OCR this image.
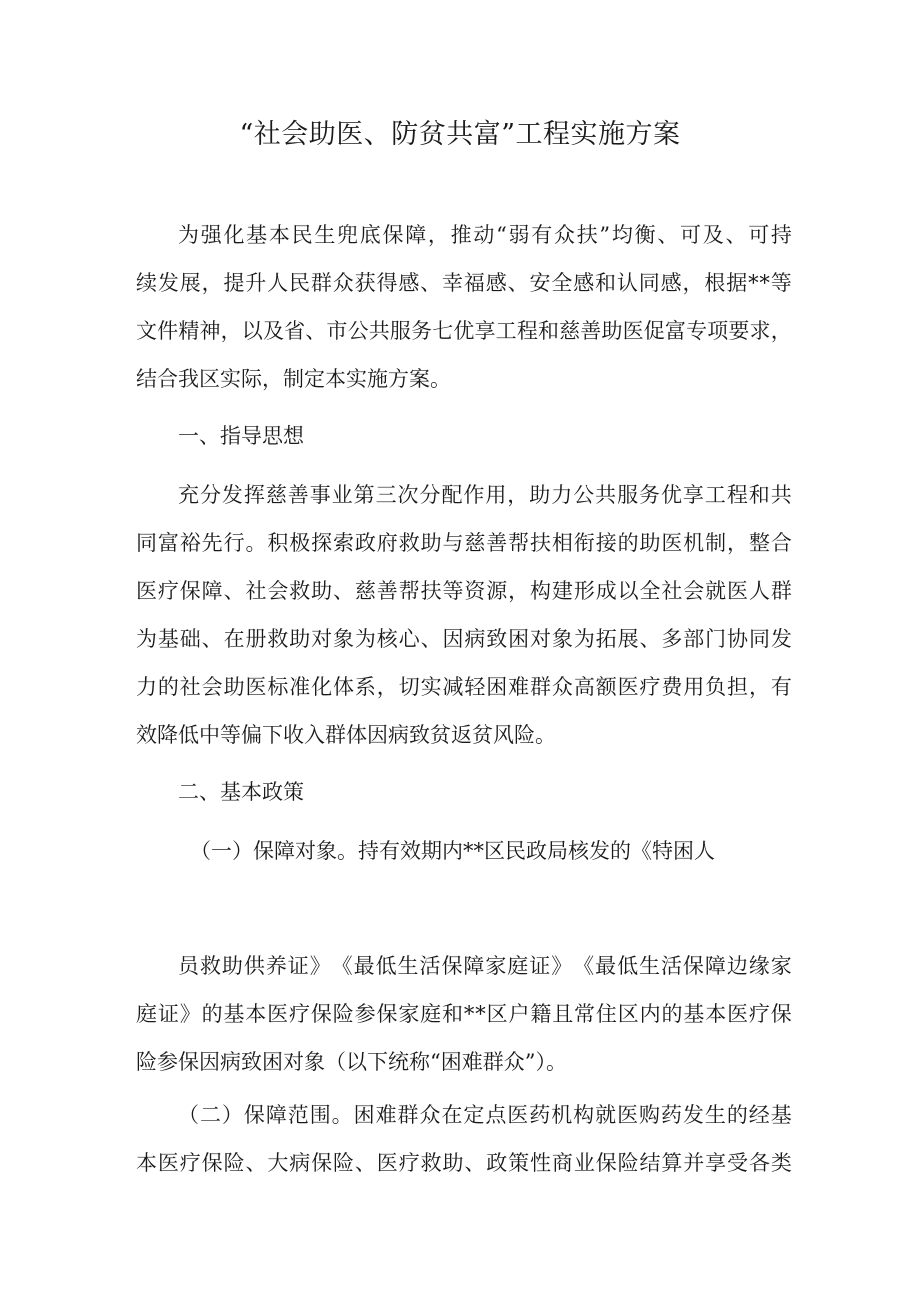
“社会助医、防贫共富”工程实施方案
为 强 化 基 本 民 生 兜 底 保 障 ， 推 动 “ 弱 有 众 扶 ” 均 衡 、 可 及 、 可 持
续 发 展 ， 提 升 人 民 群 众 获 得 感 、 幸 福 感 、 安 全 感 和 认 同 感 ， 根 据 * * 等
文 件 精 神 ， 以 及 省 、 市 公 共 服 务 七 优 享 工 程 和 慈 善 助 医 促 富 专 项 要 求 ，
结合我区实际，制定本实施方案。
一、指导思想
充 分 发 挥 慈 善 事 业 第 三 次 分 配 作 用 ， 助 力 公 共 服 务 优 享 工 程 和 共
同 富 裕 先 行 。 积 极 探 索 政 府 救 助 与 慈 善 帮 扶 相 衔 接 的 助 医 机 制 ， 整 合
医 疗 保 障 、 社 会 救 助 、 慈 善 帮 扶 等 资 源 ， 构 建 形 成 以 全 社 会 就 医 人 群
为 基 础 、 在 册 救 助 对 象 为 核 心 、 因 病 致 困 对 象 为 拓 展 、 多 部 门 协 同 发
力 的 社 会 助 医 标 准 化 体 系 ， 切 实 减 轻 困 难 群 众 高 额 医 疗 费 用 负 担 ， 有
效降低中等偏下收入群体因病致贫返贫风险。
二、基本政策
（一）保障对象。持有效期内**区民政局核发的《特困人
员 救 助 供 养 证 》 《 最 低 生 活 保 障 家 庭 证 》 《 最 低 生 活 保 障 边 缘 家
庭 证 》 的 基 本 医 疗 保 险 参 保 家 庭 和 * * 区 户 籍 且 常 住 区 内 的 基 本 医 疗 保
险参保因病致困对象（以下统称“困难群众”）。
（ 二 ） 保 障 范 围 。 困 难 群 众 在 定 点 医 药 机 构 就 医 购 药 发 生 的 经 基
本 医 疗 保 险 、 大 病 保 险 、 医 疗 救 助 、 政 策 性 商 业 保 险 结 算 并 享 受 各 类
